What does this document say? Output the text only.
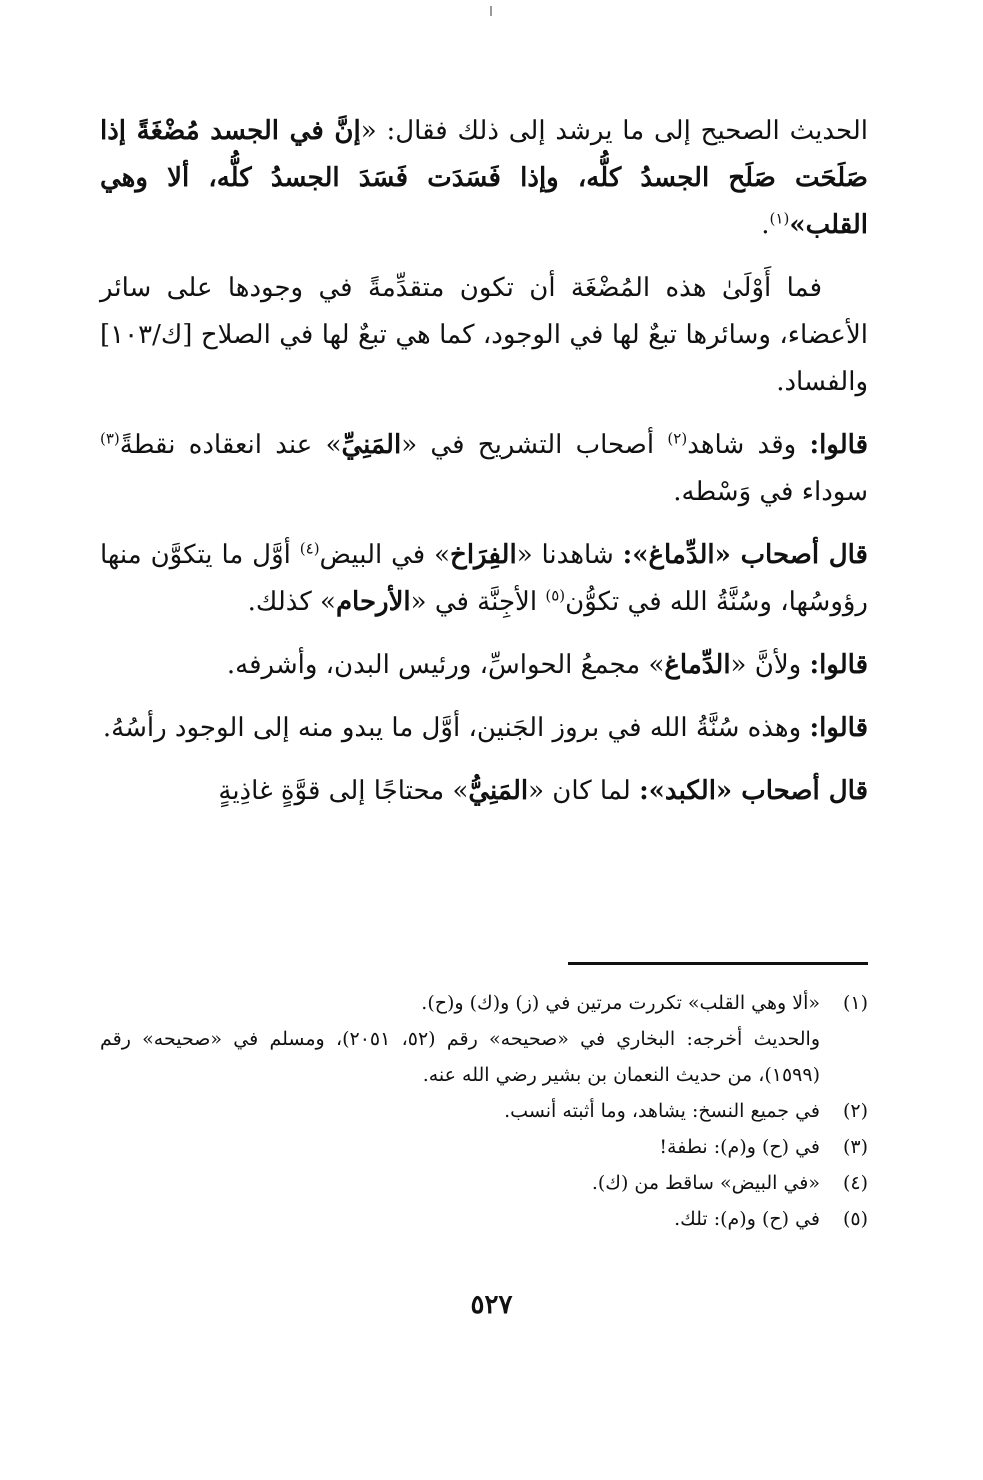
الحديث الصحيح إلى ما يرشد إلى ذلك فقال: «إنَّ في الجسد مُضْغَةً إذا صَلَحَت صَلَح الجسدُ كلُّه، وإذا فَسَدَت فَسَدَ الجسدُ كلُّه، ألا وهي القلب»$^{(١)}$.

فما أَوْلَىٰ هذه المُضْغَة أن تكون متقدِّمةً في وجودها على سائر الأعضاء، وسائرها تبعٌ لها في الوجود، كما هي تبعٌ لها في الصلاح [ك/١٠٣] والفساد.

قالوا: وقد شاهد$^{(٢)}$ أصحاب التشريح في «المَنِيِّ» عند انعقاده نقطةً$^{(٣)}$ سوداء في وَسْطه.

قال أصحاب «الدِّماغ»: شاهدنا «الفِرَاخ» في البيض$^{(٤)}$ أوَّل ما يتكوَّن منها رؤوسُها، وسُنَّةُ الله في تكوُّن$^{(٥)}$ الأجِنَّة في «الأرحام» كذلك.

قالوا: ولأنَّ «الدِّماغ» مجمعُ الحواسِّ، ورئيس البدن، وأشرفه.

قالوا: وهذه سُنَّةُ الله في بروز الجَنين، أوَّل ما يبدو منه إلى الوجود رأسُهُ.

قال أصحاب «الكبد»: لما كان «المَنِيُّ» محتاجًا إلى قوَّةٍ غاذِيةٍ

(١)
«ألا وهي القلب» تكررت مرتين في (ز) و(ك) و(ح).
والحديث أخرجه: البخاري في «صحيحه» رقم (٥٢، ٢٠٥١)، ومسلم في «صحيحه» رقم (١٥٩٩)، من حديث النعمان بن بشير رضي الله عنه.
(٢)
في جميع النسخ: يشاهد، وما أثبته أنسب.
(٣)
في (ح) و(م): نطفة!
(٤)
«في البيض» ساقط من (ك).
(٥)
في (ح) و(م): تلك.
٥٢٧
